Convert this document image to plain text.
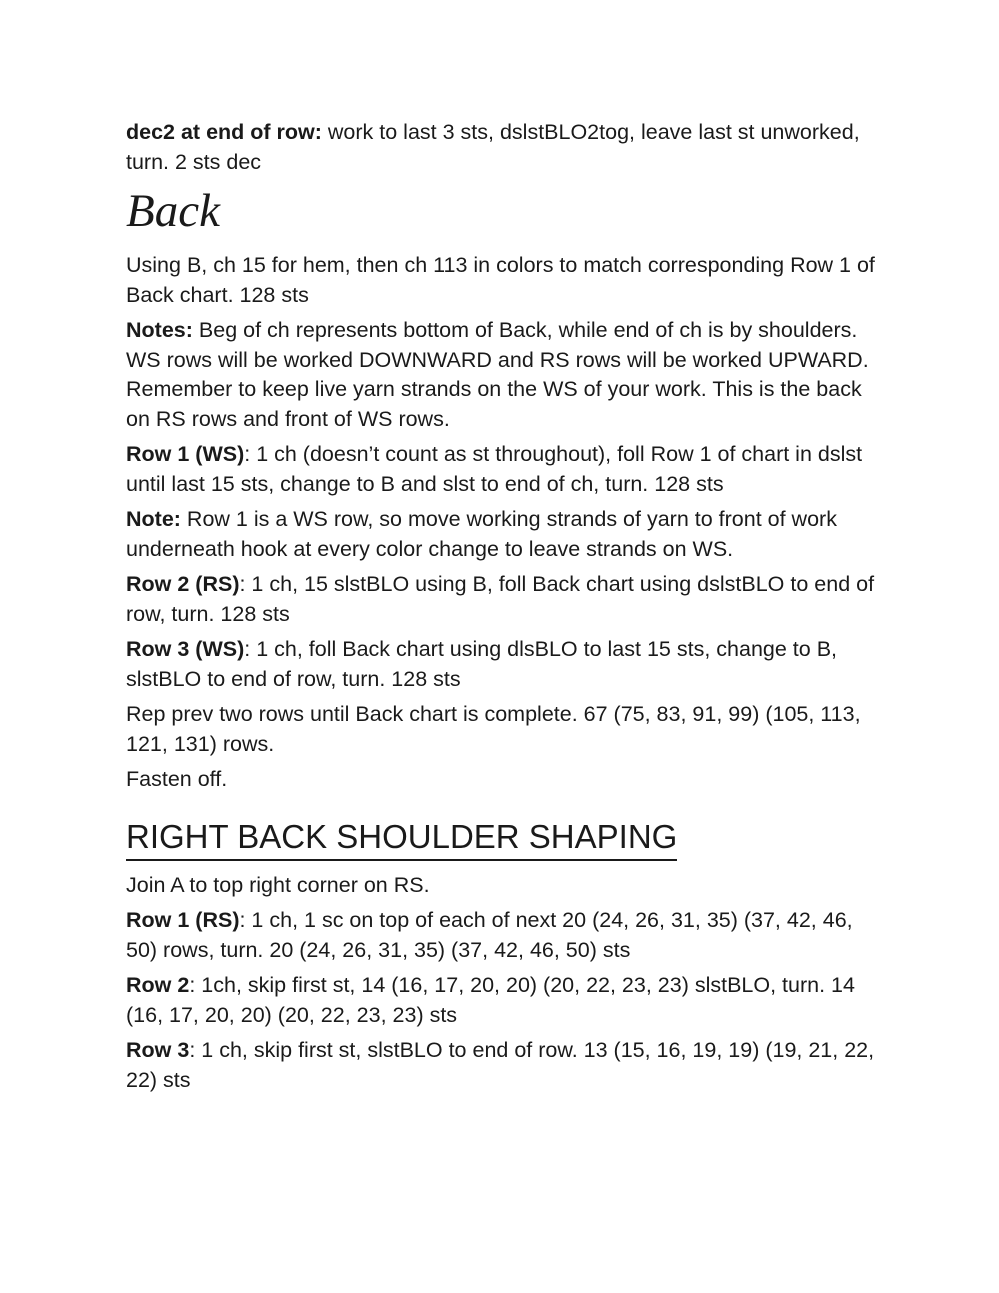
dec2 at end of row: work to last 3 sts, dslstBLO2tog, leave last st unworked, turn. 2 sts dec

Back

Using B, ch 15 for hem, then ch 113 in colors to match corresponding Row 1 of Back chart. 128 sts

Notes: Beg of ch represents bottom of Back, while end of ch is by shoulders. WS rows will be worked DOWNWARD and RS rows will be worked UPWARD. Remember to keep live yarn strands on the WS of your work. This is the back on RS rows and front of WS rows.

Row 1 (WS): 1 ch (doesn’t count as st throughout), foll Row 1 of chart in dslst until last 15 sts, change to B and slst to end of ch, turn. 128 sts

Note: Row 1 is a WS row, so move working strands of yarn to front of work underneath hook at every color change to leave strands on WS.

Row 2 (RS): 1 ch, 15 slstBLO using B, foll Back chart using dslstBLO to end of row, turn. 128 sts

Row 3 (WS): 1 ch, foll Back chart using dlsBLO to last 15 sts, change to B, slstBLO to end of row, turn. 128 sts

Rep prev two rows until Back chart is complete. 67 (75, 83, 91, 99) (105, 113, 121, 131) rows.

Fasten off.

RIGHT BACK SHOULDER SHAPING

Join A to top right corner on RS.

Row 1 (RS): 1 ch, 1 sc on top of each of next 20 (24, 26, 31, 35) (37, 42, 46, 50) rows, turn. 20 (24, 26, 31, 35) (37, 42, 46, 50) sts

Row 2: 1ch, skip first st, 14 (16, 17, 20, 20) (20, 22, 23, 23) slstBLO, turn. 14 (16, 17, 20, 20) (20, 22, 23, 23) sts

Row 3: 1 ch, skip first st, slstBLO to end of row. 13 (15, 16, 19, 19) (19, 21, 22, 22) sts
